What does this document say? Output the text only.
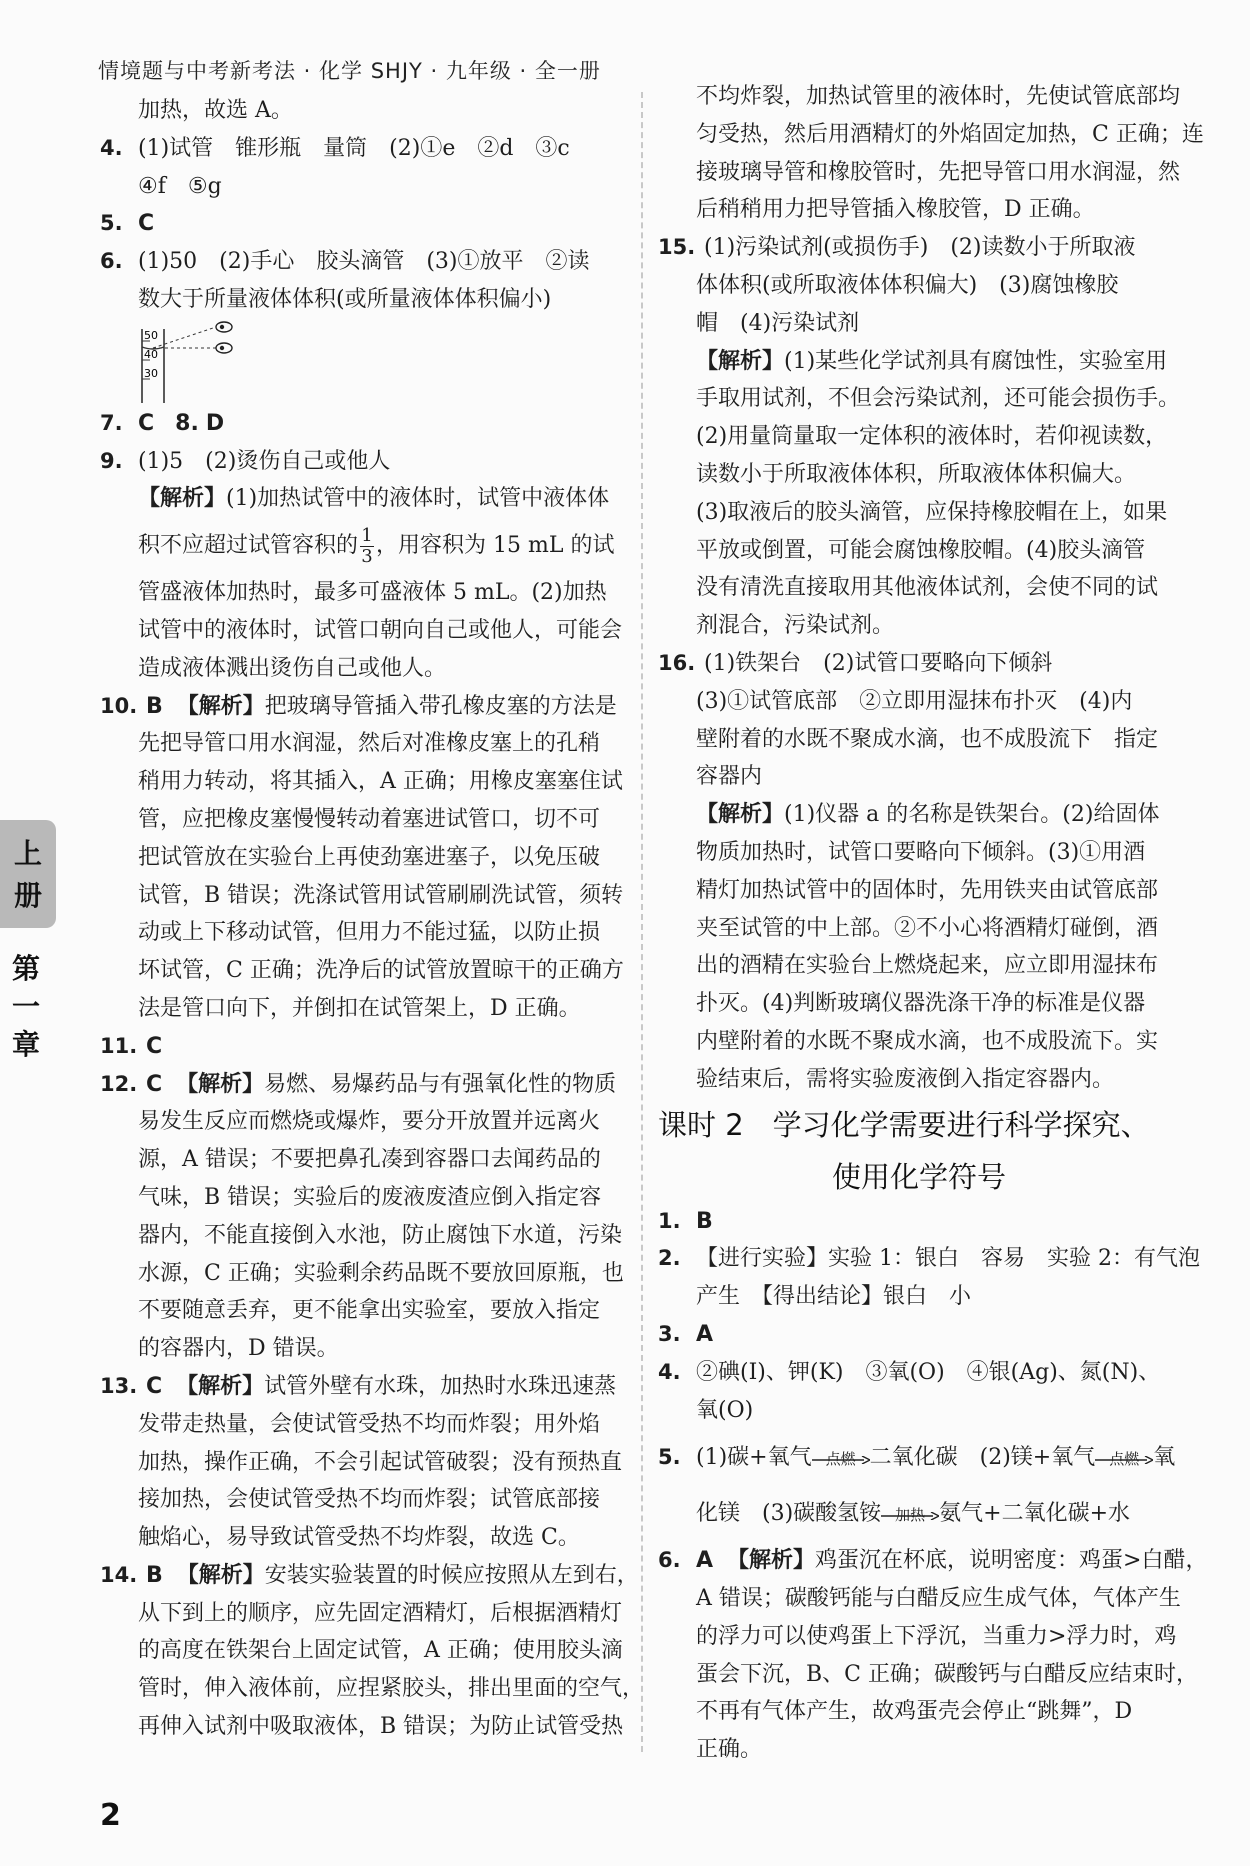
情境题与中考新考法 · 化学 SHJY · 九年级 · 全一册
上
册
第
一
章
加热，故选 A。
4. (1)试管　锥形瓶　量筒　(2)①e　②d　③c
④f　⑤g
5. C
6. (1)50　(2)手心　胶头滴管　(3)①放平　②读
数大于所量液体体积(或所量液体体积偏小)
50
40
30
7. C 8. D
9. (1)5　(2)烫伤自己或他人
【解析】(1)加热试管中的液体时，试管中液体体
积不应超过试管容积的 $\frac{1}{3}$ ，用容积为 15 mL 的试
管盛液体加热时，最多可盛液体 5 mL。(2)加热
试管中的液体时，试管口朝向自己或他人，可能会
造成液体溅出烫伤自己或他人。
10. B 【解析】把玻璃导管插入带孔橡皮塞的方法是
先把导管口用水润湿，然后对准橡皮塞上的孔稍
稍用力转动，将其插入，A 正确；用橡皮塞塞住试
管，应把橡皮塞慢慢转动着塞进试管口，切不可
把试管放在实验台上再使劲塞进塞子，以免压破
试管，B 错误；洗涤试管用试管刷刷洗试管，须转
动或上下移动试管，但用力不能过猛，以防止损
坏试管，C 正确；洗净后的试管放置晾干的正确方
法是管口向下，并倒扣在试管架上，D 正确。
11. C
12. C 【解析】易燃、易爆药品与有强氧化性的物质
易发生反应而燃烧或爆炸，要分开放置并远离火
源，A 错误；不要把鼻孔凑到容器口去闻药品的
气味，B 错误；实验后的废液废渣应倒入指定容
器内，不能直接倒入水池，防止腐蚀下水道，污染
水源，C 正确；实验剩余药品既不要放回原瓶，也
不要随意丢弃，更不能拿出实验室，要放入指定
的容器内，D 错误。
13. C 【解析】试管外壁有水珠，加热时水珠迅速蒸
发带走热量，会使试管受热不均而炸裂；用外焰
加热，操作正确，不会引起试管破裂；没有预热直
接加热，会使试管受热不均而炸裂；试管底部接
触焰心，易导致试管受热不均炸裂，故选 C。
14. B 【解析】安装实验装置的时候应按照从左到右，
从下到上的顺序，应先固定酒精灯，后根据酒精灯
的高度在铁架台上固定试管，A 正确；使用胶头滴
管时，伸入液体前，应捏紧胶头，排出里面的空气，
再伸入试剂中吸取液体，B 错误；为防止试管受热
不均炸裂，加热试管里的液体时，先使试管底部均
匀受热，然后用酒精灯的外焰固定加热，C 正确；连
接玻璃导管和橡胶管时，先把导管口用水润湿，然
后稍稍用力把导管插入橡胶管，D 正确。
15. (1)污染试剂(或损伤手)　(2)读数小于所取液
体体积(或所取液体体积偏大)　(3)腐蚀橡胶
帽　(4)污染试剂
【解析】(1)某些化学试剂具有腐蚀性，实验室用
手取用试剂，不但会污染试剂，还可能会损伤手。
(2)用量筒量取一定体积的液体时，若仰视读数，
读数小于所取液体体积，所取液体体积偏大。
(3)取液后的胶头滴管，应保持橡胶帽在上，如果
平放或倒置，可能会腐蚀橡胶帽。(4)胶头滴管
没有清洗直接取用其他液体试剂，会使不同的试
剂混合，污染试剂。
16. (1)铁架台　(2)试管口要略向下倾斜
(3)①试管底部　②立即用湿抹布扑灭　(4)内
壁附着的水既不聚成水滴，也不成股流下　指定
容器内
【解析】(1)仪器 a 的名称是铁架台。(2)给固体
物质加热时，试管口要略向下倾斜。(3)①用酒
精灯加热试管中的固体时，先用铁夹由试管底部
夹至试管的中上部。②不小心将酒精灯碰倒，酒
出的酒精在实验台上燃烧起来，应立即用湿抹布
扑灭。(4)判断玻璃仪器洗涤干净的标准是仪器
内壁附着的水既不聚成水滴，也不成股流下。实
验结束后，需将实验废液倒入指定容器内。
课时 2　学习化学需要进行科学探究、
使用化学符号
1. B
2. 【进行实验】实验 1：银白　容易　实验 2：有气泡
产生　【得出结论】银白　小
3. A
4. ②碘(I)、钾(K)　③氧(O)　④银(Ag)、氮(N)、
氧(O)
5. (1)碳+氧气 点燃 二氧化碳　(2)镁+氧气 点燃 氧
化镁　(3)碳酸氢铵 加热 氨气+二氧化碳+水
6. A 【解析】鸡蛋沉在杯底，说明密度：鸡蛋>白醋，
A 错误；碳酸钙能与白醋反应生成气体，气体产生
的浮力可以使鸡蛋上下浮沉，当重力>浮力时，鸡
蛋会下沉，B、C 正确；碳酸钙与白醋反应结束时，
不再有气体产生，故鸡蛋壳会停止“跳舞”，D
正确。
2
